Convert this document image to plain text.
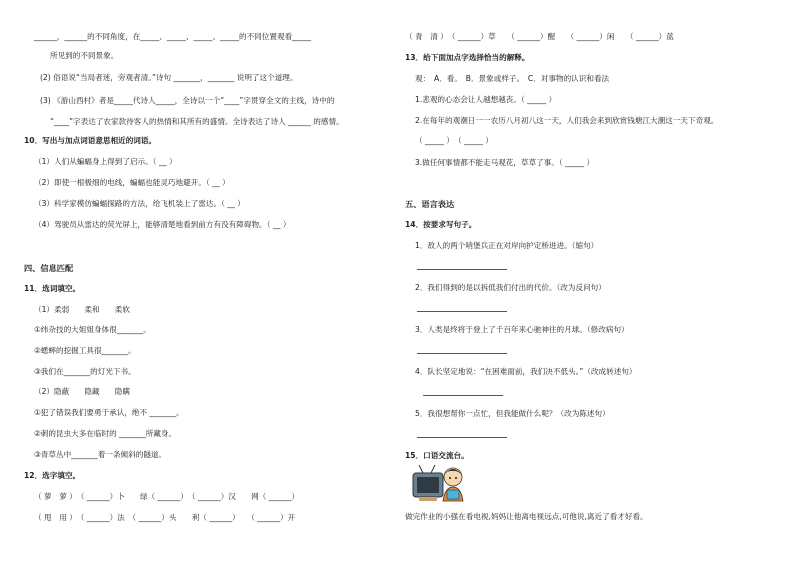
______，______的不同角度，在_____、_____、_____、_____的不同位置观看_____
所见到的不同景象。
(2) 俗语说“当局者迷，旁观者清。”诗句 _______，_______ 说明了这个道理。
(3) 《游山西村》者是_____代诗人_____，全诗以一个“____”字贯穿全文的主线，诗中的
“____”字表达了农家款待客人的热情和其所有的盛情。全诗表达了诗人 ______ 的感情。
10．写出与加点词语意思相近的词语。
（1）人们从蝙蝠身上得到了启示。（ __ ）
（2）即使一根极细的电线，蝙蝠也能灵巧地避开。（ __ ）
（3）科学家模仿蝙蝠探路的方法，给飞机装上了雷达。（ __ ）
（4）驾驶员从雷达的荧光屏上，能够清楚地看到前方有没有障碍物。（ __ ）
四、信息匹配
11．选词填空。
（1）柔弱　　柔和　　柔软
①纬杂技的大姐姐身体很_______。
②蟋蟀的挖掘工具很_______。
③我们在_______的灯光下书。
（2）隐蔽　　隐藏　　隐瞒
①犯了错误我们要勇于承认，绝不 _______。
②刺的昆虫大多在临时的 _______所藏身。
③青草丛中_______着一条倾斜的隧道。
12．选字填空。
（ 萝　萝 ）　（ ______）卜　　绿（ ______）　（ ______）汉　　网（ ______）
（ 甩　用 ）　（ ______）法　（ ______）头　　利（ ______）　　（ ______）开
（ 青　清 ）　（ ______）草　　（ ______）醒　　（ ______）闲　　（ ______）蓝
13．给下面加点字选择恰当的解释。
观：　A．看。　B．景象或样子。　C．对事物的认识和看法
1.悲观的心态会让人越想越丧。（ _____ ）
2.在每年的观潮日一一农历八月初八这一天，人们我会来到欣赏钱塘江大潮这一天下奇观。
（ _____ ）　（ _____ ）
3.做任何事情都不能走马观花，草草了事。（ _____ ）
五、语言表达
14．按要求写句子。
1．敌人的两个哨堡兵正在对岸向护定桥进进。（缩句）
2．我们得到的是以拆低我们付出的代价。（改为反问句）
3．人类是终将于登上了千百年来心驰神往的月球。（修改病句）
4．队长坚定地说：“在困难面前，我们决不低头。”（改成转述句）
5．我很想帮你一点忙，但我能做什么呢？（改为陈述句）
15．口语交流台。
做完作业的小强在看电视,妈妈让他离电视远点,可他说,离近了看才好看。
